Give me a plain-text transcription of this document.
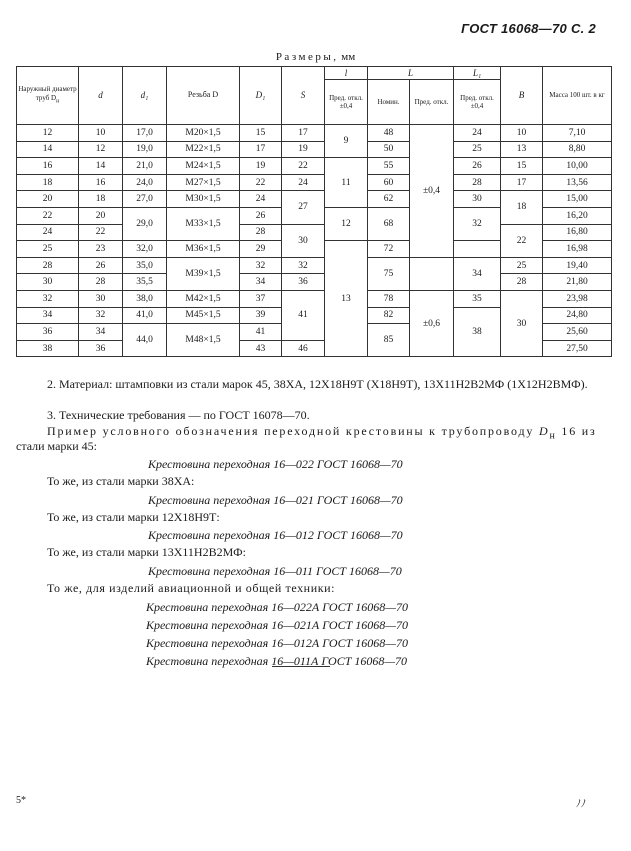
ГОСТ 16068—70 С. 2
Размеры, мм
Наружный диаметр труб $D_н$	d	d₁	Резьба D	D₁	S	l	L		L₁	B	Масса 100 шт. в кг
						Пред. откл. ±0,4	Номин.	Пред. откл.	Пред. откл. ±0,4		
12	10	17,0	M20×1,5	15	17	9	48	±0,4	24	10	7,10
14	12	19,0	M22×1,5	17	19		50		25	13	8,80
16	14	21,0	M24×1,5	19	22	11	55		26	15	10,00
18	16	24,0	M27×1,5	22	24		60		28	17	13,56
20	18	27,0	M30×1,5	24	27		62		30	18	15,00
22	20	29,0	M33×1,5	26		12	68		32		16,20
24	22			28	30					22	16,80
25	23	32,0	M36×1,5	29		13	72				16,98
28	26	35,0	M39×1,5	32	32		75		34	25	19,40
30	28	35,5		34	36					28	21,80
32	30	38,0	M42×1,5	37	41		78	±0,6	35	30	23,98
34	32	41,0	M45×1,5	39			82		38		24,80
36	34	44,0	M48×1,5	41			85				25,60
38	36			43	46						27,50
2. Материал: штамповки из стали марок 45, 38ХА, 12Х18Н9Т (Х18Н9Т), 13Х11Н2В2МФ (1Х12Н2ВМФ).
3. Технические требования — по ГОСТ 16078—70.
Пример условного обозначения переходной крестовины к трубопроводу $D_н$ 16 из
стали марки 45:
Крестовина переходная 16—022 ГОСТ 16068—70
То же, из стали марки 38ХА:
Крестовина переходная 16—021 ГОСТ 16068—70
То же, из стали марки 12Х18Н9Т:
Крестовина переходная 16—012 ГОСТ 16068—70
То же, из стали марки 13Х11Н2В2МФ:
Крестовина переходная 16—011 ГОСТ 16068—70
То же, для изделий авиационной и общей техники:
Крестовина переходная 16—022А ГОСТ 16068—70
Крестовина переходная 16—021А ГОСТ 16068—70
Крестовина переходная 16—012А ГОСТ 16068—70
Крестовина переходная 16—011А ГОСТ 16068—70
5*	ﾉﾉ
